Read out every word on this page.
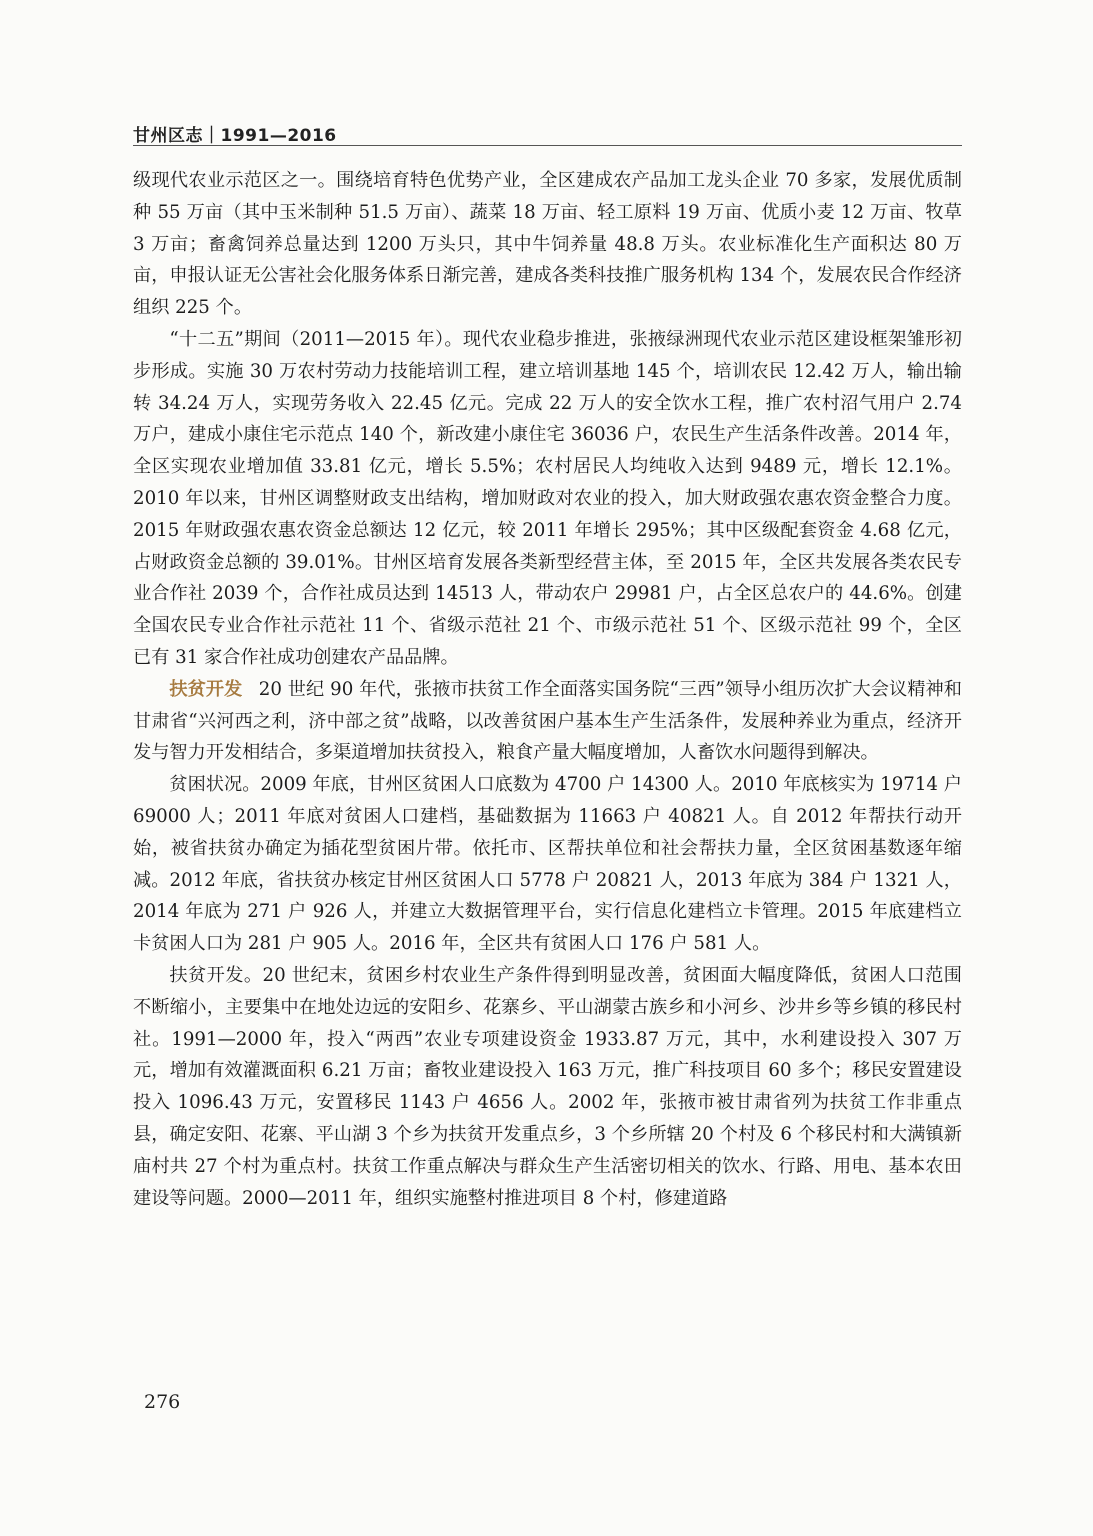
甘州区志｜1991—2016

级现代农业示范区之一。围绕培育特色优势产业，全区建成农产品加工龙头企业 70 多家，发展优质制种 55 万亩（其中玉米制种 51.5 万亩）、蔬菜 18 万亩、轻工原料 19 万亩、优质小麦 12 万亩、牧草 3 万亩；畜禽饲养总量达到 1200 万头只，其中牛饲养量 48.8 万头。农业标准化生产面积达 80 万亩，申报认证无公害社会化服务体系日渐完善，建成各类科技推广服务机构 134 个，发展农民合作经济组织 225 个。

“十二五”期间（2011—2015 年）。现代农业稳步推进，张掖绿洲现代农业示范区建设框架雏形初步形成。实施 30 万农村劳动力技能培训工程，建立培训基地 145 个，培训农民 12.42 万人，输出输转 34.24 万人，实现劳务收入 22.45 亿元。完成 22 万人的安全饮水工程，推广农村沼气用户 2.74 万户，建成小康住宅示范点 140 个，新改建小康住宅 36036 户，农民生产生活条件改善。2014 年，全区实现农业增加值 33.81 亿元，增长 5.5%；农村居民人均纯收入达到 9489 元，增长 12.1%。2010 年以来，甘州区调整财政支出结构，增加财政对农业的投入，加大财政强农惠农资金整合力度。2015 年财政强农惠农资金总额达 12 亿元，较 2011 年增长 295%；其中区级配套资金 4.68 亿元，占财政资金总额的 39.01%。甘州区培育发展各类新型经营主体，至 2015 年，全区共发展各类农民专业合作社 2039 个，合作社成员达到 14513 人，带动农户 29981 户，占全区总农户的 44.6%。创建全国农民专业合作社示范社 11 个、省级示范社 21 个、市级示范社 51 个、区级示范社 99 个，全区已有 31 家合作社成功创建农产品品牌。

扶贫开发 20 世纪 90 年代，张掖市扶贫工作全面落实国务院“三西”领导小组历次扩大会议精神和甘肃省“兴河西之利，济中部之贫”战略，以改善贫困户基本生产生活条件，发展种养业为重点，经济开发与智力开发相结合，多渠道增加扶贫投入，粮食产量大幅度增加，人畜饮水问题得到解决。

贫困状况。2009 年底，甘州区贫困人口底数为 4700 户 14300 人。2010 年底核实为 19714 户 69000 人；2011 年底对贫困人口建档，基础数据为 11663 户 40821 人。自 2012 年帮扶行动开始，被省扶贫办确定为插花型贫困片带。依托市、区帮扶单位和社会帮扶力量，全区贫困基数逐年缩减。2012 年底，省扶贫办核定甘州区贫困人口 5778 户 20821 人，2013 年底为 384 户 1321 人，2014 年底为 271 户 926 人，并建立大数据管理平台，实行信息化建档立卡管理。2015 年底建档立卡贫困人口为 281 户 905 人。2016 年，全区共有贫困人口 176 户 581 人。

扶贫开发。20 世纪末，贫困乡村农业生产条件得到明显改善，贫困面大幅度降低，贫困人口范围不断缩小，主要集中在地处边远的安阳乡、花寨乡、平山湖蒙古族乡和小河乡、沙井乡等乡镇的移民村社。1991—2000 年，投入“两西”农业专项建设资金 1933.87 万元，其中，水利建设投入 307 万元，增加有效灌溉面积 6.21 万亩；畜牧业建设投入 163 万元，推广科技项目 60 多个；移民安置建设投入 1096.43 万元，安置移民 1143 户 4656 人。2002 年，张掖市被甘肃省列为扶贫工作非重点县，确定安阳、花寨、平山湖 3 个乡为扶贫开发重点乡，3 个乡所辖 20 个村及 6 个移民村和大满镇新庙村共 27 个村为重点村。扶贫工作重点解决与群众生产生活密切相关的饮水、行路、用电、基本农田建设等问题。2000—2011 年，组织实施整村推进项目 8 个村，修建道路

276
